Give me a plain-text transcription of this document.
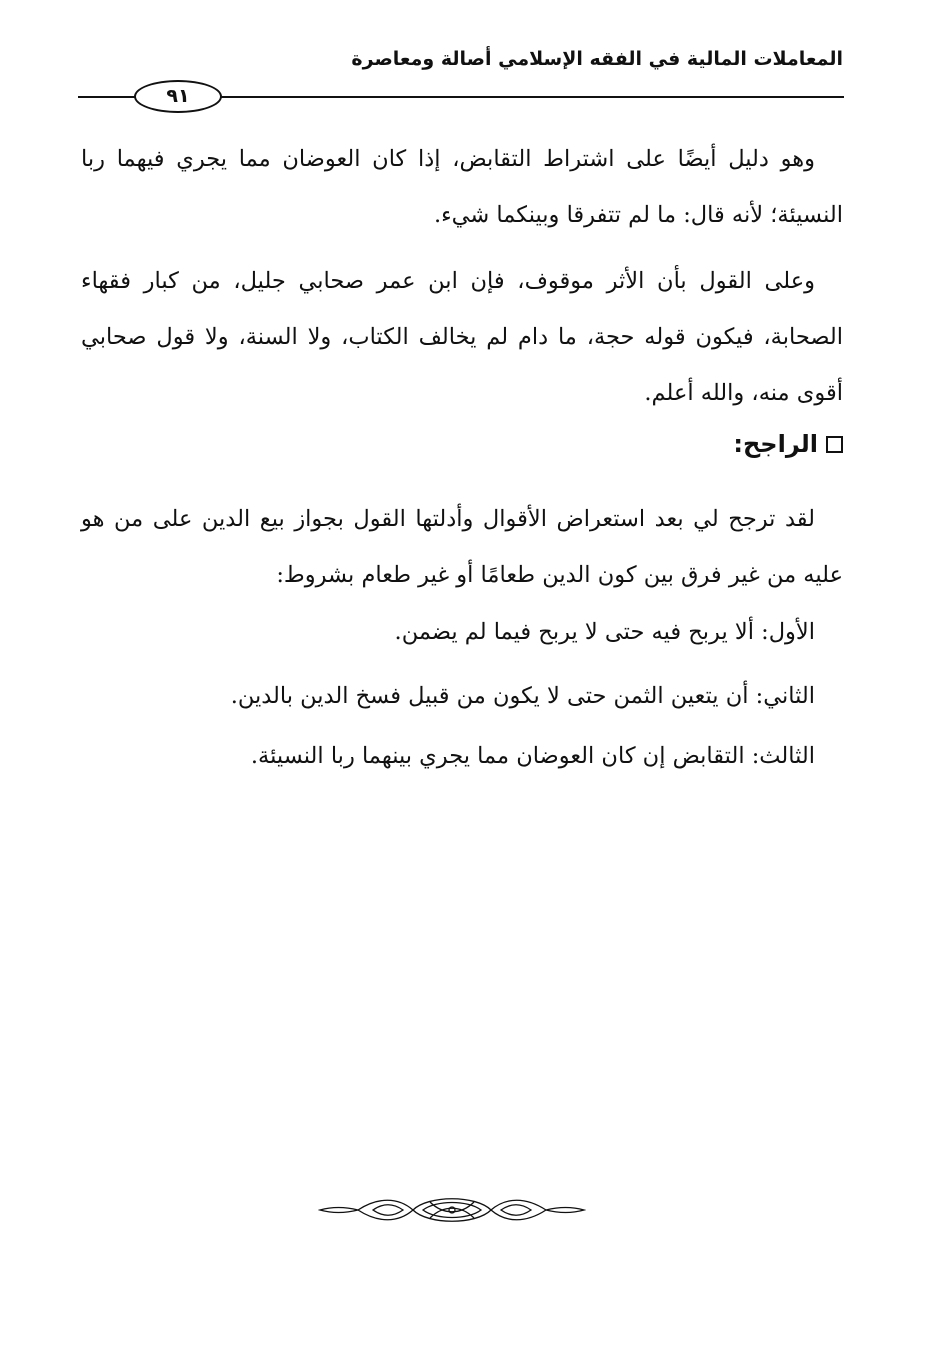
المعاملات المالية في الفقه الإسلامي أصالة ومعاصرة
٩١

وهو دليل أيضًا على اشتراط التقابض، إذا كان العوضان مما يجري فيهما ربا النسيئة؛ لأنه قال: ما لم تتفرقا وبينكما شيء.

وعلى القول بأن الأثر موقوف، فإن ابن عمر صحابي جليل، من كبار فقهاء الصحابة، فيكون قوله حجة، ما دام لم يخالف الكتاب، ولا السنة، ولا قول صحابي أقوى منه، والله أعلم.

الراجح:

لقد ترجح لي بعد استعراض الأقوال وأدلتها القول بجواز بيع الدين على من هو عليه من غير فرق بين كون الدين طعامًا أو غير طعام بشروط:

الأول: ألا يربح فيه حتى لا يربح فيما لم يضمن.
الثاني: أن يتعين الثمن حتى لا يكون من قبيل فسخ الدين بالدين.
الثالث: التقابض إن كان العوضان مما يجري بينهما ربا النسيئة.
